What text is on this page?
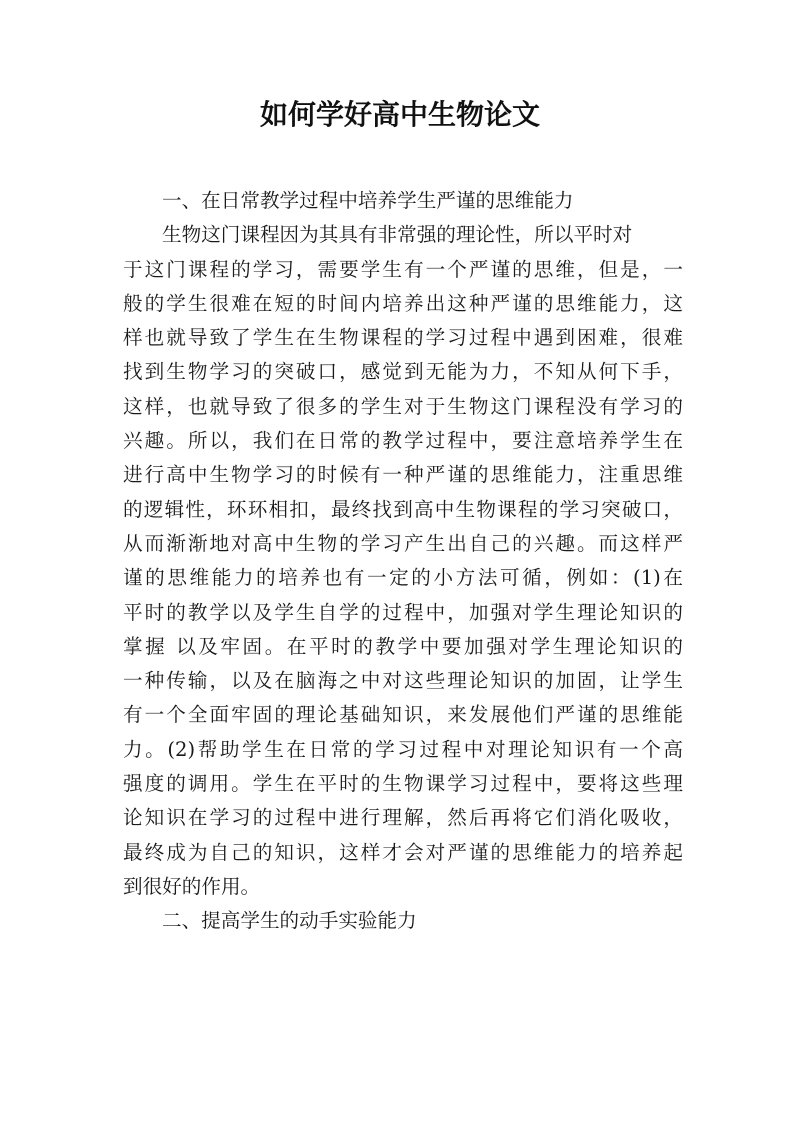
如何学好高中生物论文
一、在日常教学过程中培养学生严谨的思维能力
生物这门课程因为其具有非常强的理论性，所以平时对
于这门课程的学习，需要学生有一个严谨的思维，但是，一
般的学生很难在短的时间内培养出这种严谨的思维能力，这
样也就导致了学生在生物课程的学习过程中遇到困难，很难
找到生物学习的突破口，感觉到无能为力，不知从何下手，
这样，也就导致了很多的学生对于生物这门课程没有学习的
兴趣。所以，我们在日常的教学过程中，要注意培养学生在
进行高中生物学习的时候有一种严谨的思维能力，注重思维
的逻辑性，环环相扣，最终找到高中生物课程的学习突破口，
从而渐渐地对高中生物的学习产生出自己的兴趣。而这样严
谨的思维能力的培养也有一定的小方法可循，例如：(1)在
平时的教学以及学生自学的过程中，加强对学生理论知识的
掌握 以及牢固。在平时的教学中要加强对学生理论知识的
一种传输，以及在脑海之中对这些理论知识的加固，让学生
有一个全面牢固的理论基础知识，来发展他们严谨的思维能
力。(2)帮助学生在日常的学习过程中对理论知识有一个高
强度的调用。学生在平时的生物课学习过程中，要将这些理
论知识在学习的过程中进行理解，然后再将它们消化吸收，
最终成为自己的知识，这样才会对严谨的思维能力的培养起
到很好的作用。
二、提高学生的动手实验能力
